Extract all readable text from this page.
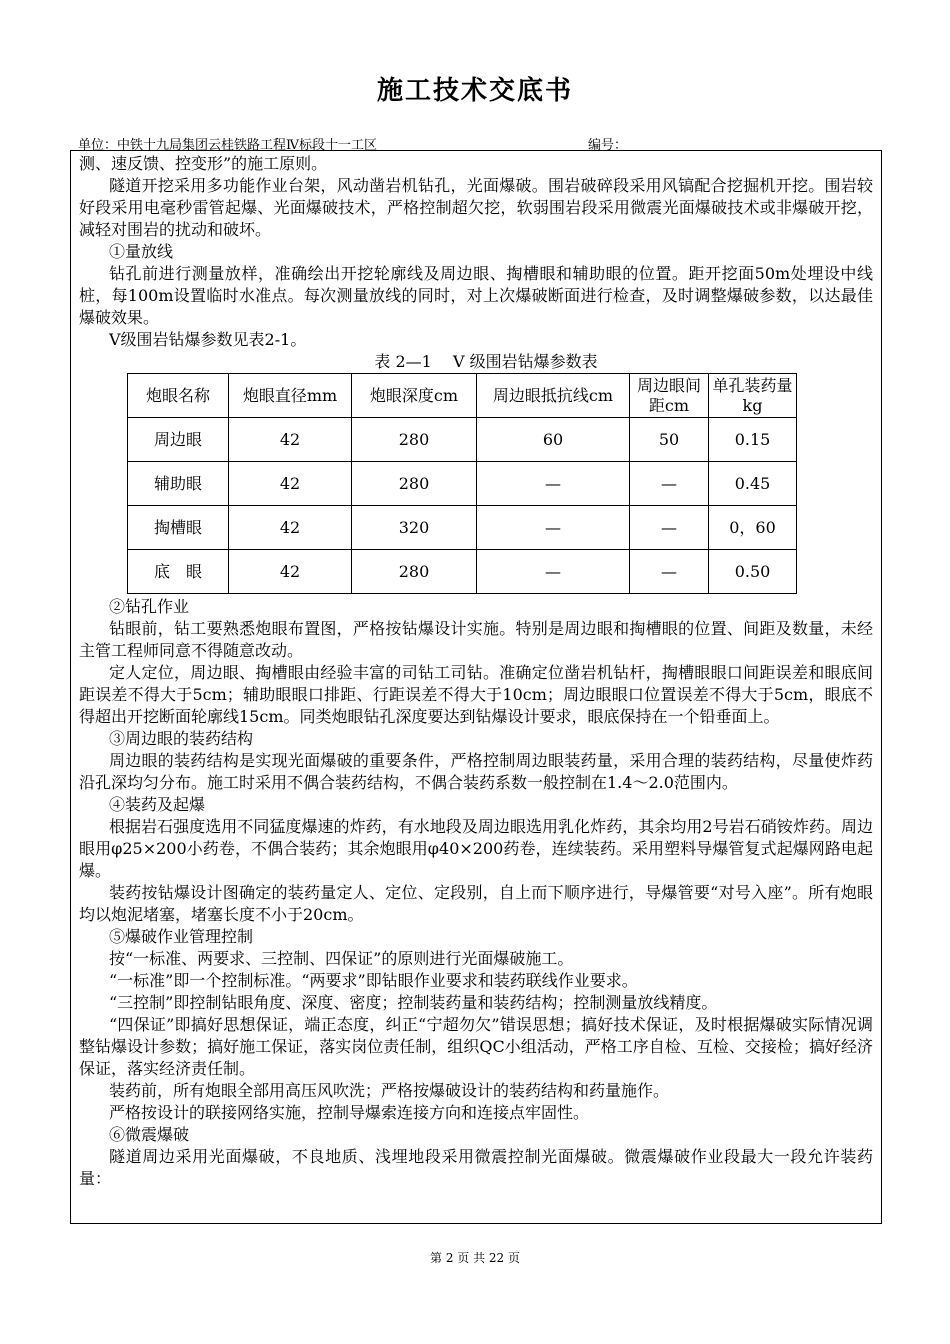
施工技术交底书
单位：中铁十九局集团云桂铁路工程Ⅳ标段十一工区	编号：

测、速反馈、控变形”的施工原则。

隧道开挖采用多功能作业台架，风动凿岩机钻孔，光面爆破。围岩破碎段采用风镐配合挖掘机开挖。围岩较好段采用电毫秒雷管起爆、光面爆破技术，严格控制超欠挖，软弱围岩段采用微震光面爆破技术或非爆破开挖，减轻对围岩的扰动和破坏。

①量放线

钻孔前进行测量放样，准确绘出开挖轮廓线及周边眼、掏槽眼和辅助眼的位置。距开挖面50m处埋设中线桩，每100m设置临时水准点。每次测量放线的同时，对上次爆破断面进行检查，及时调整爆破参数，以达最佳爆破效果。

Ⅴ级围岩钻爆参数见表2-1。

表 2—1　 Ⅴ 级围岩钻爆参数表

炮眼名称	炮眼直径mm	炮眼深度cm	周边眼抵抗线cm	周边眼间距cm	单孔装药量kg
周边眼	42	280	60	50	0.15
辅助眼	42	280	—	—	0.45
掏槽眼	42	320	—	—	0，60
底　眼	42	280	—	—	0.50

②钻孔作业

钻眼前，钻工要熟悉炮眼布置图，严格按钻爆设计实施。特别是周边眼和掏槽眼的位置、间距及数量，未经主管工程师同意不得随意改动。

定人定位，周边眼、掏槽眼由经验丰富的司钻工司钻。准确定位凿岩机钻杆，掏槽眼眼口间距误差和眼底间距误差不得大于5cm；辅助眼眼口排距、行距误差不得大于10cm；周边眼眼口位置误差不得大于5cm，眼底不得超出开挖断面轮廓线15cm。同类炮眼钻孔深度要达到钻爆设计要求，眼底保持在一个铅垂面上。

③周边眼的装药结构

周边眼的装药结构是实现光面爆破的重要条件，严格控制周边眼装药量，采用合理的装药结构，尽量使炸药沿孔深均匀分布。施工时采用不偶合装药结构，不偶合装药系数一般控制在1.4～2.0范围内。

④装药及起爆

根据岩石强度选用不同猛度爆速的炸药，有水地段及周边眼选用乳化炸药，其余均用2号岩石硝铵炸药。周边眼用φ25×200小药卷，不偶合装药；其余炮眼用φ40×200药卷，连续装药。采用塑料导爆管复式起爆网路电起爆。

装药按钻爆设计图确定的装药量定人、定位、定段别，自上而下顺序进行，导爆管要“对号入座”。所有炮眼均以炮泥堵塞，堵塞长度不小于20cm。

⑤爆破作业管理控制

按“一标准、两要求、三控制、四保证”的原则进行光面爆破施工。

“一标准”即一个控制标准。“两要求”即钻眼作业要求和装药联线作业要求。

“三控制”即控制钻眼角度、深度、密度；控制装药量和装药结构；控制测量放线精度。

“四保证”即搞好思想保证，端正态度，纠正“宁超勿欠”错误思想；搞好技术保证，及时根据爆破实际情况调整钻爆设计参数；搞好施工保证，落实岗位责任制，组织QC小组活动，严格工序自检、互检、交接检；搞好经济保证，落实经济责任制。

装药前，所有炮眼全部用高压风吹洗；严格按爆破设计的装药结构和药量施作。

严格按设计的联接网络实施，控制导爆索连接方向和连接点牢固性。

⑥微震爆破

隧道周边采用光面爆破，不良地质、浅埋地段采用微震控制光面爆破。微震爆破作业段最大一段允许装药量：

第 2 页 共 22 页
